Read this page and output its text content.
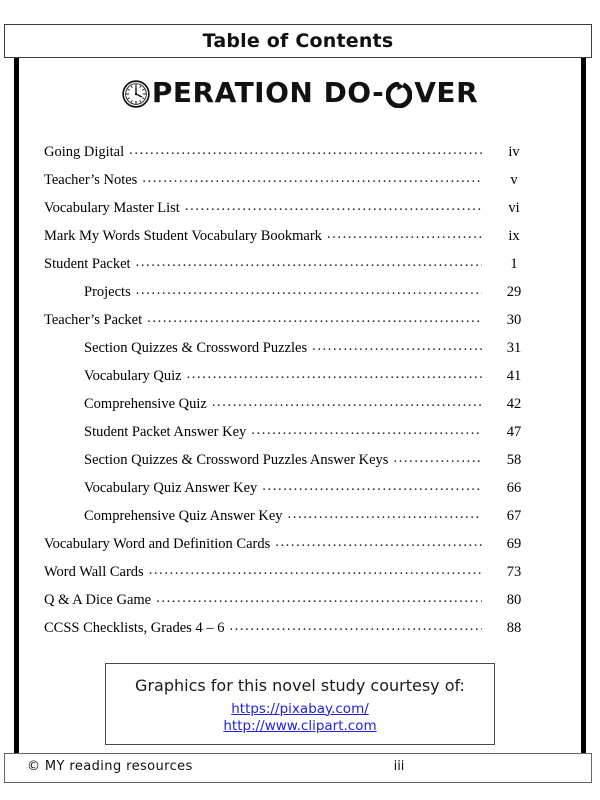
Table of Contents
PERATION DO- VER
Going Digital .....	iv
Teacher’s Notes .....	v
Vocabulary Master List .....	vi
Mark My Words Student Vocabulary Bookmark .....	ix
Student Packet .....	1
Projects .....	29
Teacher’s Packet .....	30
Section Quizzes & Crossword Puzzles .....	31
Vocabulary Quiz .....	41
Comprehensive Quiz .....	42
Student Packet Answer Key .....	47
Section Quizzes & Crossword Puzzles Answer Keys .....	58
Vocabulary Quiz Answer Key .....	66
Comprehensive Quiz Answer Key .....	67
Vocabulary Word and Definition Cards .....	69
Word Wall Cards .....	73
Q & A Dice Game .....	80
CCSS Checklists, Grades 4 – 6 .....	88
Graphics for this novel study courtesy of:
https://pixabay.com/
http://www.clipart.com
© MY reading resources	iii
